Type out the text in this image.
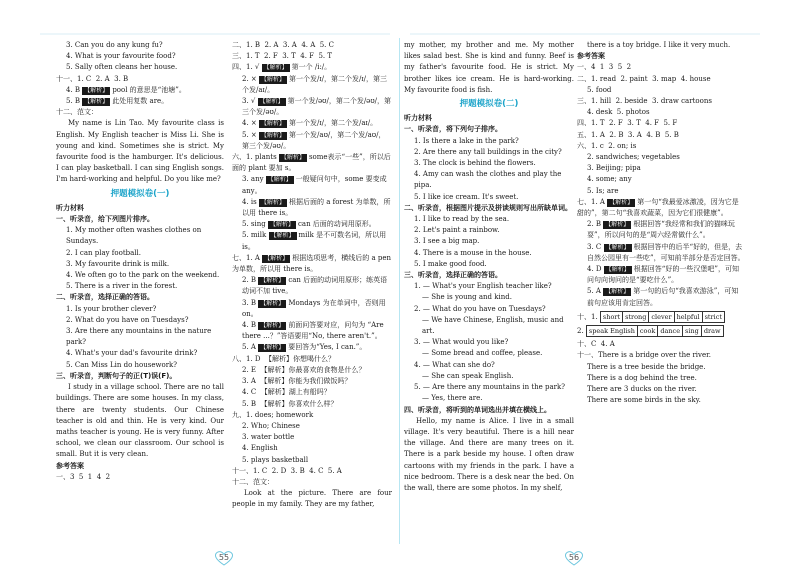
3. Can you do any kung fu?
4. What is your favourite food?
5. Sally often cleans her house.
十一、1. C  2. A  3. B
4. B 【解析】 pool 的意思是“池塘”。
5. B 【解析】 此处用复数 are。
十二、范文：
My name is Lin Tao. My favourite class is English. My English teacher is Miss Li. She is young and kind. Sometimes she is strict. My favourite food is the hamburger. It's delicious. I can play basketball. I can sing English songs. I'm hard-working and helpful. Do you like me?
押题模拟卷(一)
听力材料
一、听录音，给下列图片排序。
1. My mother often washes clothes on Sundays.
2. I can play football.
3. My favourite drink is milk.
4. We often go to the park on the weekend.
5. There is a river in the forest.
二、听录音，选择正确的答语。
1. Is your brother clever?
2. What do you have on Tuesdays?
3. Are there any mountains in the nature park?
4. What's your dad's favourite drink?
5. Can Miss Lin do housework?
三、听录音，判断句子的正(T)误(F)。
I study in a village school. There are no tall buildings. There are some houses. In my class, there are twenty students. Our Chinese teacher is old and thin. He is very kind. Our maths teacher is young. He is very funny. After school, we clean our classroom. Our school is small. But it is very clean.
参考答案
一、3  5  1  4  2
二、1. B  2. A  3. A  4. A  5. C
三、1. T  2. F  3. T  4. F  5. T
四、1. √ 【解析】 第一个 /i:/。
2. × 【解析】 第一个发/ɪ/，第二个发/ɪ/，第三个发/aɪ/。
3. √ 【解析】 第一个发/əʊ/，第二个发/əʊ/，第三个发/əʊ/。
4. × 【解析】 第一个发/ɪ/，第二个发/aɪ/。
5. × 【解析】 第一个发/aʊ/，第二个发/aʊ/，第三个发/əʊ/。
六、1. plants 【解析】 some表示“一些”，所以后面的 plant 要加 s。
3. any 【解析】 一般疑问句中，some 要变成 any。
4. is 【解析】 根据后面的 a forest 为单数，所以用 there is。
5. sing 【解析】 can 后面的动词用原形。
5. milk 【解析】 milk 是不可数名词，所以用 is。
七、1. A 【解析】 根据选项思考，横线后的 a pen 为单数，所以用 there is。
2. B 【解析】 can 后面的动词用原形；练英语动词不加 tive。
3. B 【解析】 Mondays 为在单词中，否则用 on。
4. B 【解析】 前面问答要对应，问句为 “Are there ...？”答语要用“No, there aren't.”。
5. A 【解析】 要回答为“Yes, I can.”。
八、1. D  【解析】你想喝什么？
2. E  【解析】你最喜欢的食物是什么？
3. A  【解析】你能为我们做饭吗？
4. C  【解析】湖上有船吗？
5. B  【解析】你喜欢什么样？
九、1. does; homework
2. Who; Chinese
3. water bottle
4. English
5. plays basketball
十一、1. C  2. D  3. B  4. C  5. A
十二、范文：
Look at the picture. There are four people in my family. They are my father,
55
my mother, my brother and me. My mother likes salad best. She is kind and funny. Beef is my father's favourite food. He is strict. My brother likes ice cream. He is hard-working. My favourite food is fish.
押题模拟卷(二)
听力材料
一、听录音，将下列句子排序。
1. Is there a lake in the park?
2. Are there any tall buildings in the city?
3. The clock is behind the flowers.
4. Amy can wash the clothes and play the pipa.
5. I like ice cream. It's sweet.
二、听录音，根据图片提示及拼读规则写出所缺单词。
1. I like to read by the sea.
2. Let's paint a rainbow.
3. I see a big map.
4. There is a mouse in the house.
5. I make good food.
三、听录音，选择正确的答语。
1. — What's your English teacher like?
— She is young and kind.
2. — What do you have on Tuesdays?
— We have Chinese, English, music and art.
3. — What would you like?
— Some bread and coffee, please.
4. — What can she do?
— She can speak English.
5. — Are there any mountains in the park?
— Yes, there are.
四、听录音，将听到的单词选出并填在横线上。
Hello, my name is Alice. I live in a small village. It's very beautiful. There is a hill near the village. And there are many trees on it. There is a park beside my house. I often draw cartoons with my friends in the park. I have a nice bedroom. There is a desk near the bed. On the wall, there are some photos. In my shelf,
there is a toy bridge. I like it very much.
参考答案
一、4  1  3  5  2
二、1. read  2. paint  3. map  4. house
5. food
三、1. hill  2. beside  3. draw cartoons
4. desk  5. photos
四、1. T  2. F  3. T  4. F  5. F
五、1. A  2. B  3. A  4. B  5. B
六、1. c  2. on; is
2. sandwiches; vegetables
3. Beijing; pipa
4. some; any
5. Is; are
七、1. A 【解析】 第一句“我最爱冰激凌，因为它是甜的”，第二句“我喜欢蔬菜，因为它们很健康”。
2. B 【解析】 根据回答“我经常和我们的猫咪玩耍”，所以问句的是“周六经常做什么”。
3. C 【解析】 根据回答中的后半“好的，但是，去自然公园里有一些吃”，可知前半部分是否定回答。
4. D 【解析】 根据回答“好的一些汉堡吧”，可知问句向询问的是“要吃什么”。
5. A 【解析】 第一句的后句“我喜欢游泳”，可知前句应该用肯定回答。
十、1. short	strong	clever	helpful	strict
2. speak English	cook	dance	sing	draw
十、C  4. A
十一、There is a bridge over the river.
There is a tree beside the bridge.
There is a dog behind the tree.
There are 3 ducks on the river.
There are some birds in the sky.
56
